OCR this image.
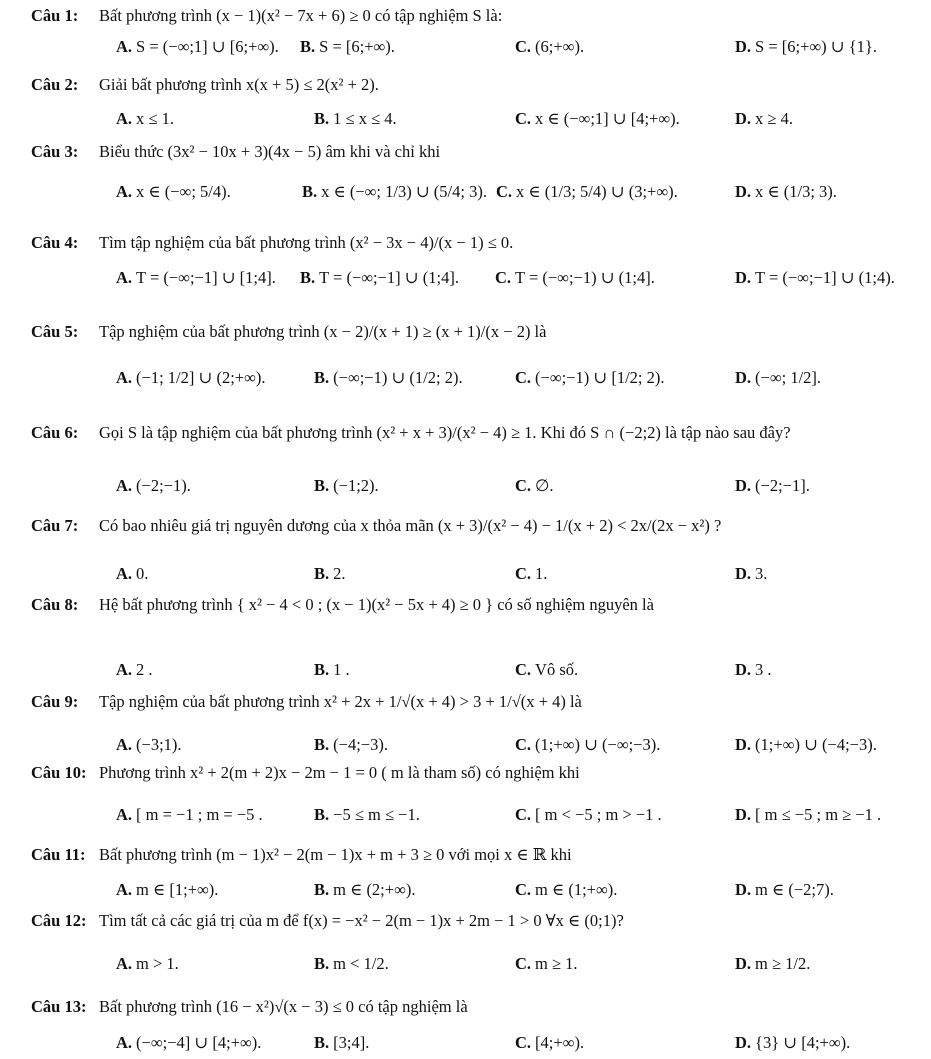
Câu 1:	Bất phương trình (x − 1)(x² − 7x + 6) ≥ 0 có tập nghiệm S là:
A. S = (−∞;1] ∪ [6;+∞). B. S = [6;+∞).	C. (6;+∞).	D. S = [6;+∞) ∪ {1}.
Câu 2:	Giải bất phương trình x(x + 5) ≤ 2(x² + 2).
A. x ≤ 1.	B. 1 ≤ x ≤ 4.	C. x ∈ (−∞;1] ∪ [4;+∞).	D. x ≥ 4.
Câu 3:	Biểu thức (3x² − 10x + 3)(4x − 5) âm khi và chỉ khi
A. x ∈ (−∞; 5/4).	B. x ∈ (−∞; 1/3) ∪ (5/4; 3). C. x ∈ (1/3; 5/4) ∪ (3;+∞).	D. x ∈ (1/3; 3).
Câu 4:	Tìm tập nghiệm của bất phương trình (x² − 3x − 4)/(x − 1) ≤ 0.
A. T = (−∞;−1] ∪ [1;4]. B. T = (−∞;−1] ∪ (1;4]. C. T = (−∞;−1) ∪ (1;4].	D. T = (−∞;−1] ∪ (1;4).
Câu 5:	Tập nghiệm của bất phương trình (x − 2)/(x + 1) ≥ (x + 1)/(x − 2) là
A. (−1; 1/2] ∪ (2;+∞).	B. (−∞;−1) ∪ (1/2; 2).	C. (−∞;−1) ∪ [1/2; 2).	D. (−∞; 1/2].
Câu 6:	Gọi S là tập nghiệm của bất phương trình (x² + x + 3)/(x² − 4) ≥ 1. Khi đó S ∩ (−2;2) là tập nào sau đây?
A. (−2;−1).	B. (−1;2).	C. ∅.	D. (−2;−1].
Câu 7:	Có bao nhiêu giá trị nguyên dương của x thỏa mãn (x + 3)/(x² − 4) − 1/(x + 2) < 2x/(2x − x²) ?
A. 0.	B. 2.	C. 1.	D. 3.
Câu 8:	Hệ bất phương trình { x² − 4 < 0 ; (x − 1)(x² − 5x + 4) ≥ 0 } có số nghiệm nguyên là
A. 2 .	B. 1 .	C. Vô số.	D. 3 .
Câu 9:	Tập nghiệm của bất phương trình x² + 2x + 1/√(x + 4) > 3 + 1/√(x + 4) là
A. (−3;1).	B. (−4;−3).	C. (1;+∞) ∪ (−∞;−3).	D. (1;+∞) ∪ (−4;−3).
Câu 10: Phương trình x² + 2(m + 2)x − 2m − 1 = 0 ( m là tham số) có nghiệm khi
A. [ m = −1 ; m = −5 .	B. −5 ≤ m ≤ −1.	C. [ m < −5 ; m > −1 .	D. [ m ≤ −5 ; m ≥ −1 .
Câu 11: Bất phương trình (m − 1)x² − 2(m − 1)x + m + 3 ≥ 0 với mọi x ∈ ℝ khi
A. m ∈ [1;+∞).	B. m ∈ (2;+∞).	C. m ∈ (1;+∞).	D. m ∈ (−2;7).
Câu 12: Tìm tất cả các giá trị của m để f(x) = −x² − 2(m − 1)x + 2m − 1 > 0 ∀x ∈ (0;1)?
A. m > 1.	B. m < 1/2.	C. m ≥ 1.	D. m ≥ 1/2.
Câu 13: Bất phương trình (16 − x²)√(x − 3) ≤ 0 có tập nghiệm là
A. (−∞;−4] ∪ [4;+∞).	B. [3;4].	C. [4;+∞).	D. {3} ∪ [4;+∞).
